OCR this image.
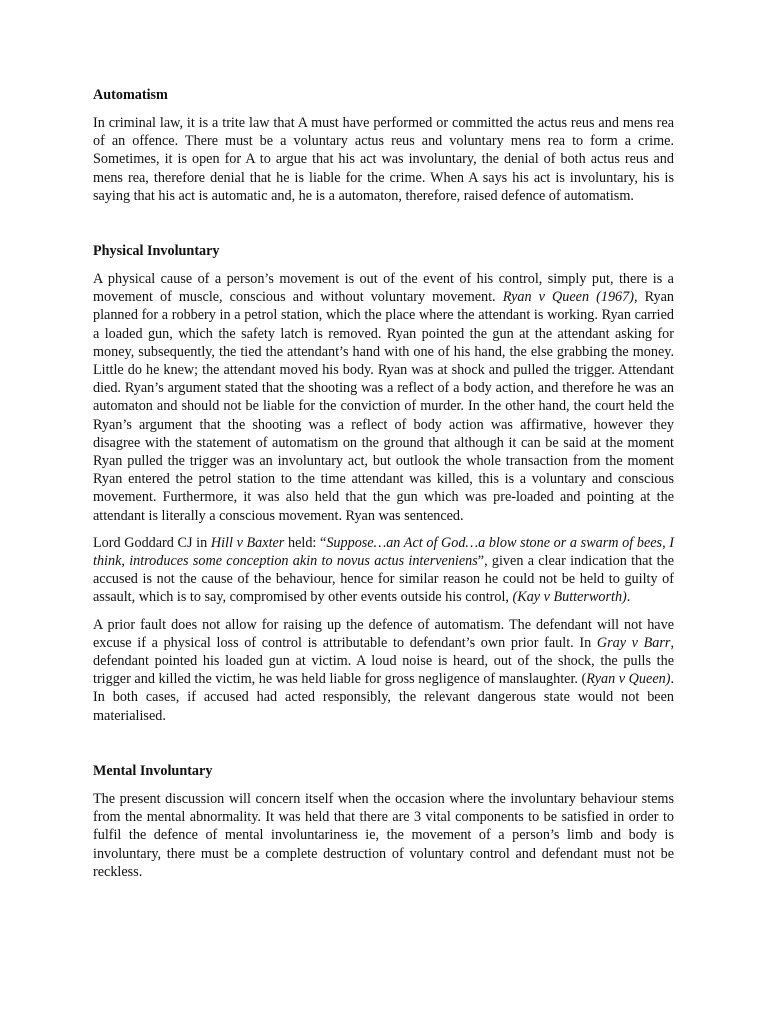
Automatism

In criminal law, it is a trite law that A must have performed or committed the actus reus and mens rea of an offence. There must be a voluntary actus reus and voluntary mens rea to form a crime. Sometimes, it is open for A to argue that his act was involuntary, the denial of both actus reus and mens rea, therefore denial that he is liable for the crime. When A says his act is involuntary, his is saying that his act is automatic and, he is a automaton, therefore, raised defence of automatism.

Physical Involuntary

A physical cause of a person’s movement is out of the event of his control, simply put, there is a movement of muscle, conscious and without voluntary movement. Ryan v Queen (1967), Ryan planned for a robbery in a petrol station, which the place where the attendant is working. Ryan carried a loaded gun, which the safety latch is removed. Ryan pointed the gun at the attendant asking for money, subsequently, the tied the attendant’s hand with one of his hand, the else grabbing the money. Little do he knew; the attendant moved his body. Ryan was at shock and pulled the trigger. Attendant died. Ryan’s argument stated that the shooting was a reflect of a body action, and therefore he was an automaton and should not be liable for the conviction of murder. In the other hand, the court held the Ryan’s argument that the shooting was a reflect of body action was affirmative, however they disagree with the statement of automatism on the ground that although it can be said at the moment Ryan pulled the trigger was an involuntary act, but outlook the whole transaction from the moment Ryan entered the petrol station to the time attendant was killed, this is a voluntary and conscious movement. Furthermore, it was also held that the gun which was pre-loaded and pointing at the attendant is literally a conscious movement. Ryan was sentenced.

Lord Goddard CJ in Hill v Baxter held: “Suppose…an Act of God…a blow stone or a swarm of bees, I think, introduces some conception akin to novus actus interveniens”, given a clear indication that the accused is not the cause of the behaviour, hence for similar reason he could not be held to guilty of assault, which is to say, compromised by other events outside his control, (Kay v Butterworth).

A prior fault does not allow for raising up the defence of automatism. The defendant will not have excuse if a physical loss of control is attributable to defendant’s own prior fault. In Gray v Barr, defendant pointed his loaded gun at victim. A loud noise is heard, out of the shock, the pulls the trigger and killed the victim, he was held liable for gross negligence of manslaughter. (Ryan v Queen). In both cases, if accused had acted responsibly, the relevant dangerous state would not been materialised.

Mental Involuntary

The present discussion will concern itself when the occasion where the involuntary behaviour stems from the mental abnormality. It was held that there are 3 vital components to be satisfied in order to fulfil the defence of mental involuntariness ie, the movement of a person’s limb and body is involuntary, there must be a complete destruction of voluntary control and defendant must not be reckless.
